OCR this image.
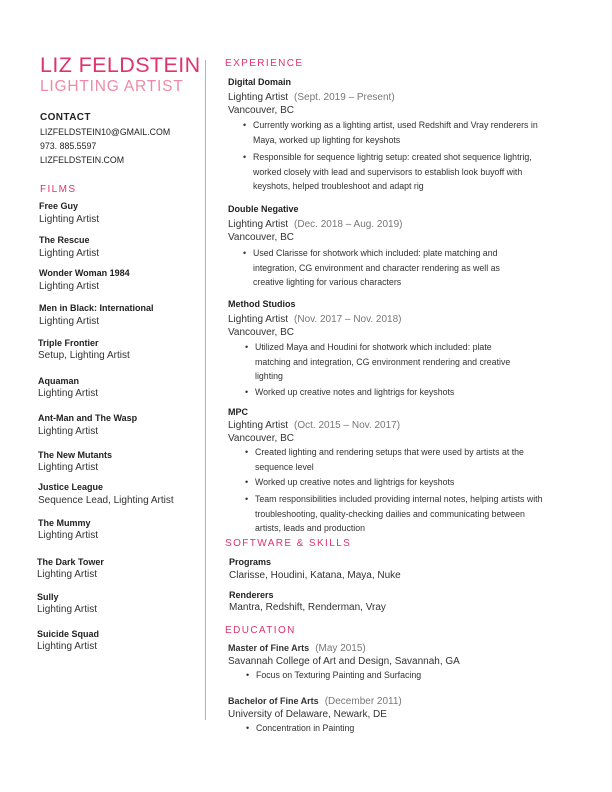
LIZ FELDSTEIN
LIGHTING ARTIST
CONTACT
LIZFELDSTEIN10@GMAIL.COM
973. 885.5597
LIZFELDSTEIN.COM
FILMS
Free Guy
Lighting Artist
The Rescue
Lighting Artist
Wonder Woman 1984
Lighting Artist
Men in Black: International
Lighting Artist
Triple Frontier
Setup, Lighting Artist
Aquaman
Lighting Artist
Ant-Man and The Wasp
Lighting Artist
The New Mutants
Lighting Artist
Justice League
Sequence Lead, Lighting Artist
The Mummy
Lighting Artist
The Dark Tower
Lighting Artist
Sully
Lighting Artist
Suicide Squad
Lighting Artist
EXPERIENCE
Digital Domain
Lighting Artist (Sept. 2019 – Present)
Vancouver, BC
• Currently working as a lighting artist, used Redshift and Vray renderers in Maya, worked up lighting for keyshots
• Responsible for sequence lightrig setup: created shot sequence lightrig, worked closely with lead and supervisors to establish look buyoff with keyshots, helped troubleshoot and adapt rig
Double Negative
Lighting Artist (Dec. 2018 – Aug. 2019)
Vancouver, BC
• Used Clarisse for shotwork which included: plate matching and integration, CG environment and character rendering as well as creative lighting for various characters
Method Studios
Lighting Artist (Nov. 2017 – Nov. 2018)
Vancouver, BC
• Utilized Maya and Houdini for shotwork which included: plate matching and integration, CG environment rendering and creative lighting
• Worked up creative notes and lightrigs for keyshots
MPC
Lighting Artist (Oct. 2015 – Nov. 2017)
Vancouver, BC
• Created lighting and rendering setups that were used by artists at the sequence level
• Worked up creative notes and lightrigs for keyshots
• Team responsibilities included providing internal notes, helping artists with troubleshooting, quality-checking dailies and communicating between artists, leads and production
SOFTWARE & SKILLS
Programs
Clarisse, Houdini, Katana, Maya, Nuke
Renderers
Mantra, Redshift, Renderman, Vray
EDUCATION
Master of Fine Arts (May 2015)
Savannah College of Art and Design, Savannah, GA
• Focus on Texturing Painting and Surfacing
Bachelor of Fine Arts (December 2011)
University of Delaware, Newark, DE
• Concentration in Painting
